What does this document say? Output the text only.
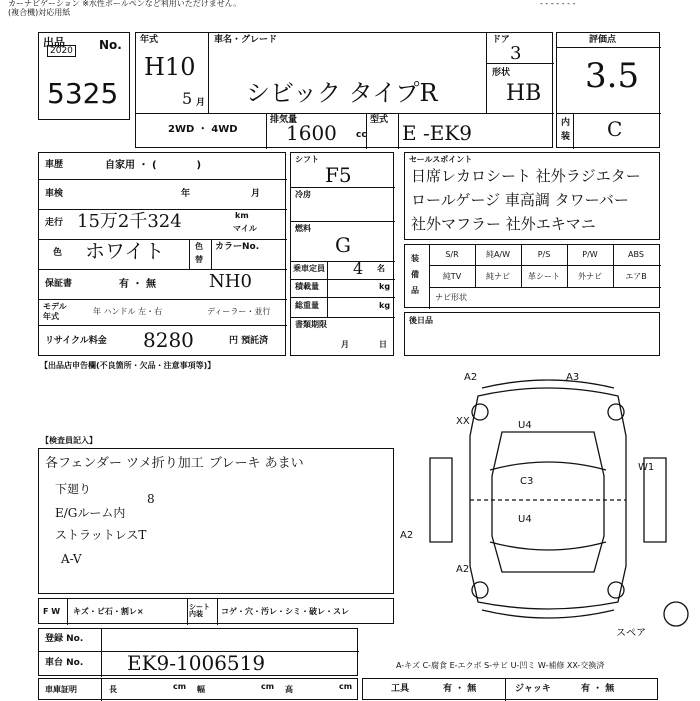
カーナビゲーション ※水性ボールペンなど利用いただけません。
(複合機)対応用紙
- - - - - - -
出品
2020 No.
5325
年式
H10
5 月
車名・グレード
シビック タイプR
ドア
3
形状
HB
2WD ・ 4WD
排気量
1600 cc
型式
E -EK9
評価点
3.5
内
装 C
車歴	自家用 ・ (　　　　)
車検	年	月
走行 15万2千324	km
マイル
色 ホワイト	色
替
カラーNo.
保証書	有 ・ 無	NH0
モデル
年式
年 ハンドル 左・右	ディーラー・並行
リサイクル料金 8280	円 預託済
シフト
F5
冷房
燃料
G
乗車定員 4 名
積載量	kg
総重量	kg
書類期限
月	日
セールスポイント
日席レカロシート 社外ラジエター
ロールゲージ 車高調 タワーバー
社外マフラー 社外エキマニ
装
備
品
S/R	純A/W	P/S	P/W	ABS
純TV	純ナビ	革シート	外ナビ	エアB
ナビ形状
後日品
【出品店申告欄(不良箇所・欠品・注意事項等)】
【検査員記入】
各フェンダー ツメ折り加工 ブレーキ あまい
下廻り
8
E/Gルーム内
ストラットレスT
A-V
A2	A3
XX	U4
C3
U4
A2
W1
A2
スペア
F W キズ・ビ石・割レ×	シート 内装	コゲ・穴・汚レ・シミ・破レ・スレ
登録 No.
車台 No. EK9-1006519	A-キズ C-腐食 E-エクボ S-サビ U-凹ミ W-補修 XX-交換済
車庫証明	長	cm 幅	cm 高	cm	工具	有 ・ 無	ジャッキ	有 ・ 無
